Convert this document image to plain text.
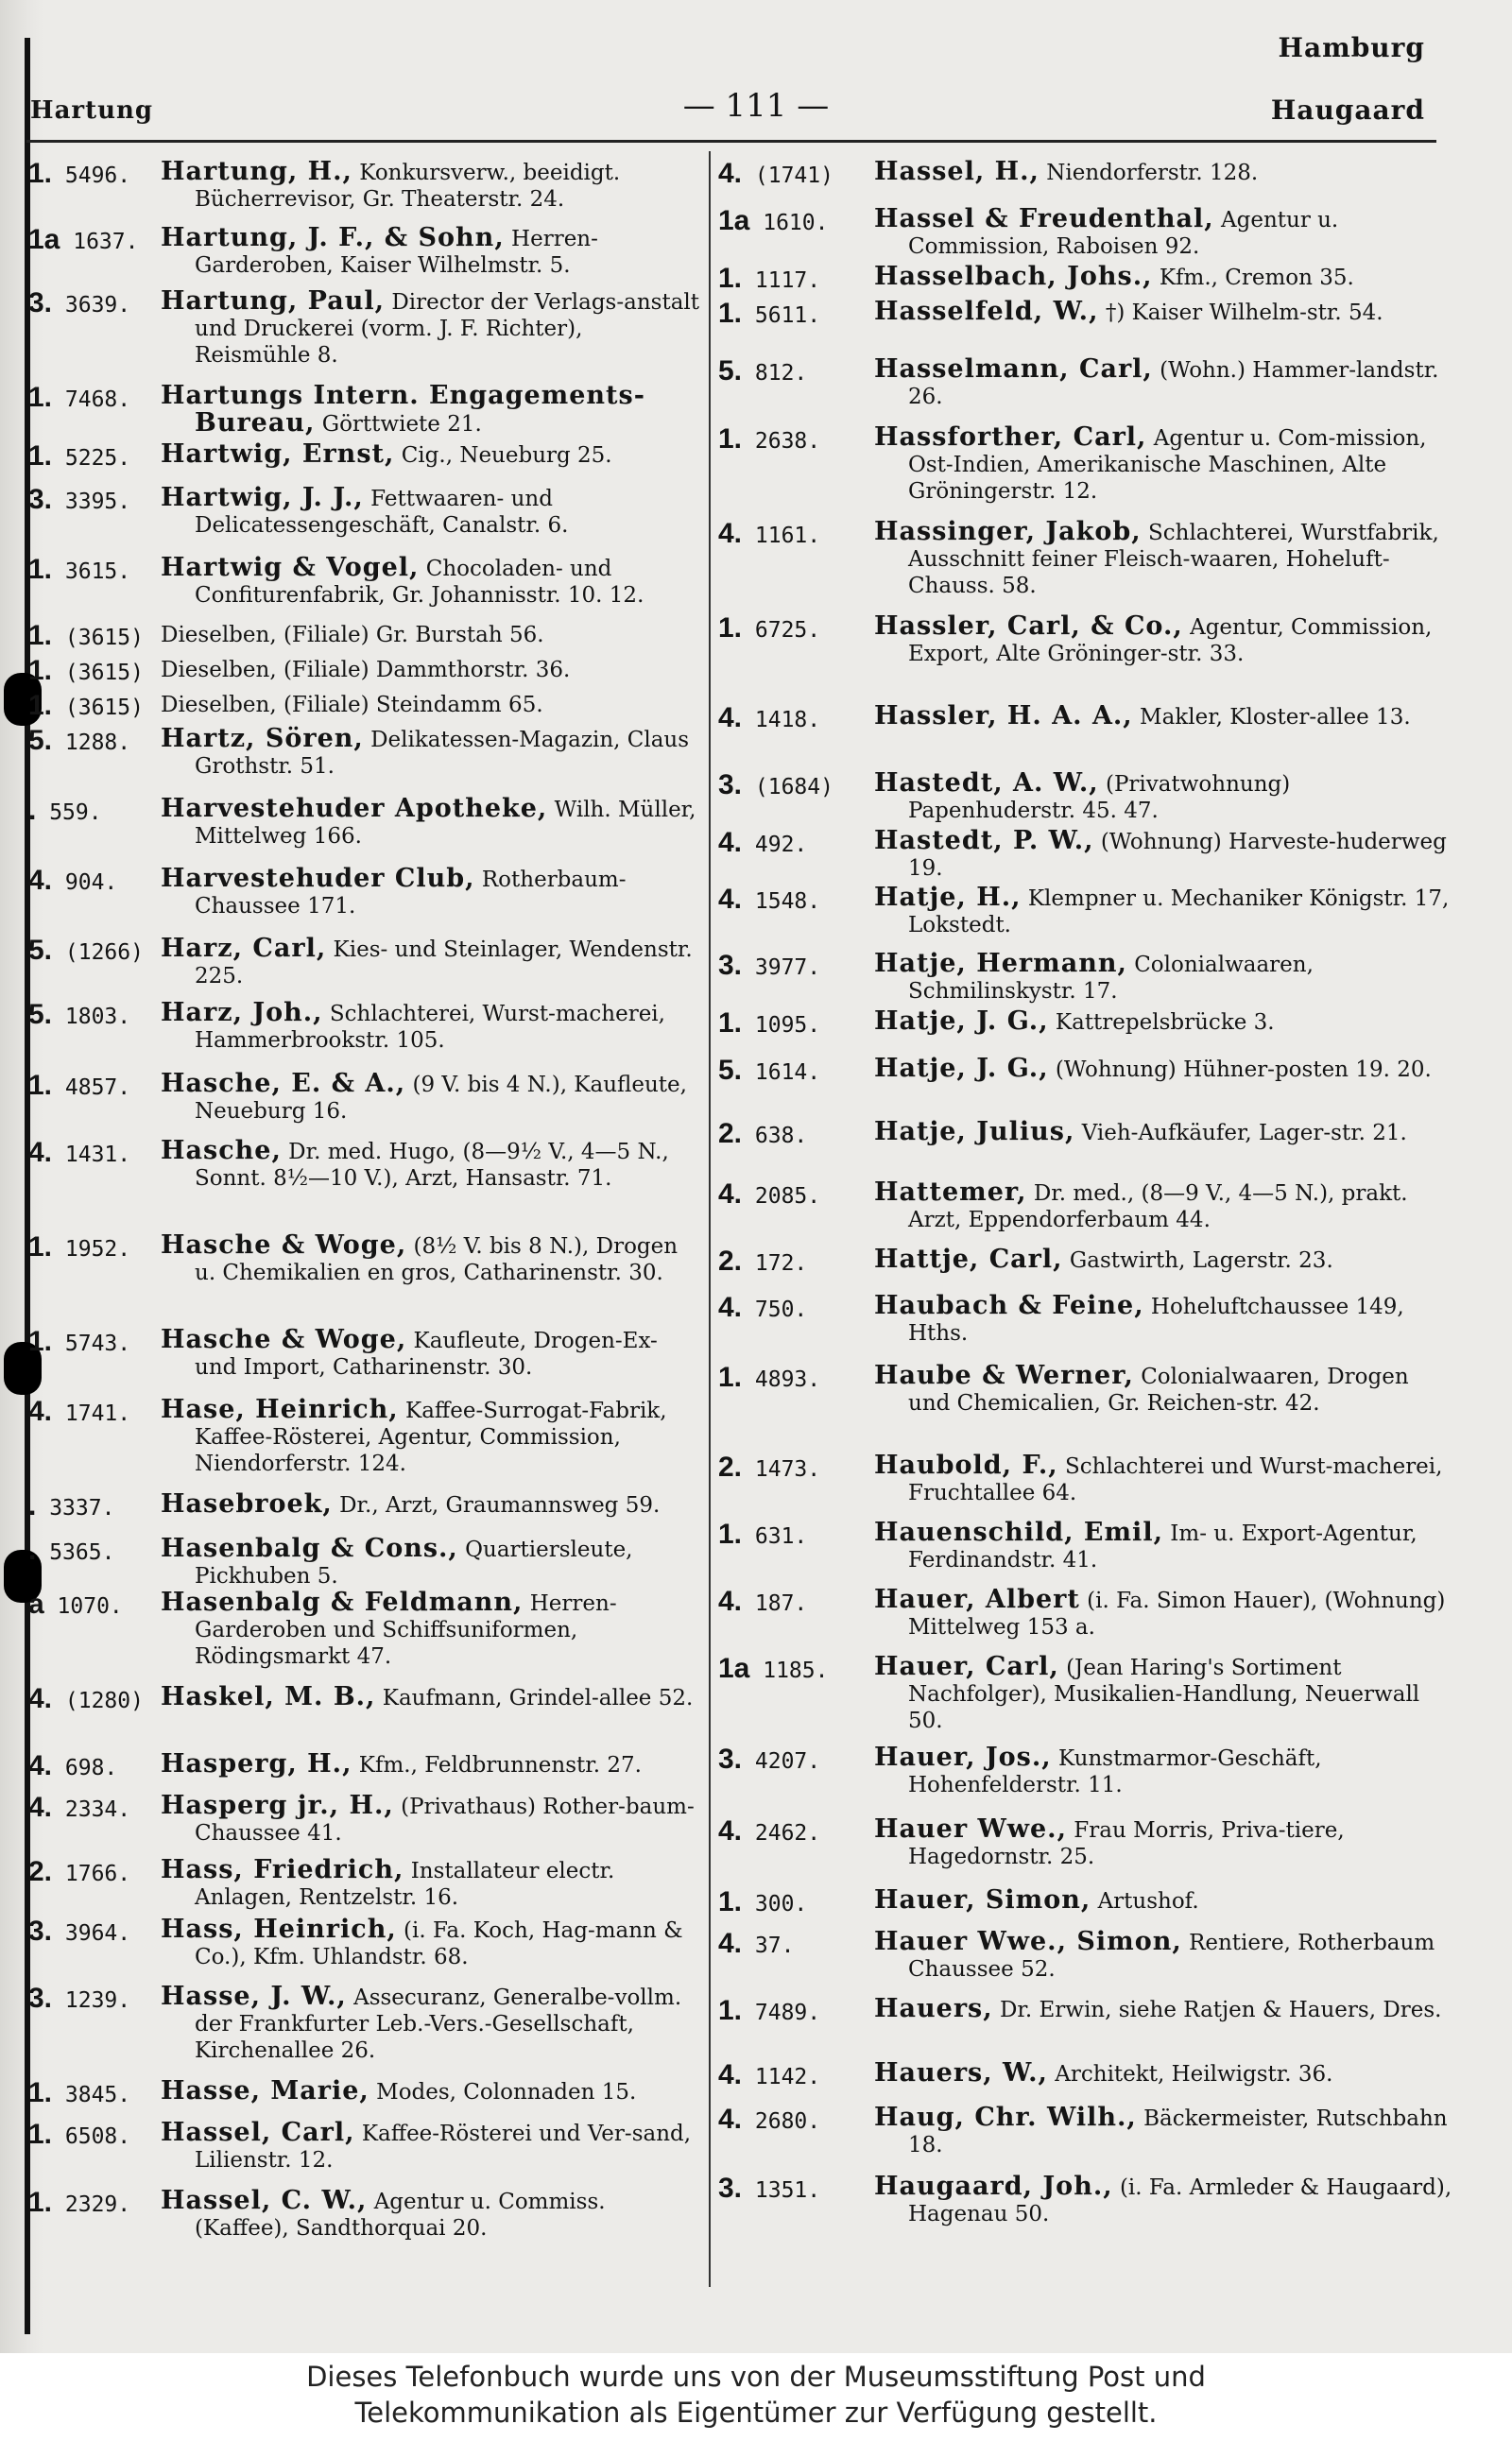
Hamburg
Hartung	— 111 —	Haugaard
1. 5496.	Hartung, H., Konkursverw., beeidigt. Bücherrevisor, Gr. Theaterstr. 24.
1a 1637. Hartung, J. F., & Sohn, Herren-Garderoben, Kaiser Wilhelmstr. 5.
3. 3639.	Hartung, Paul, Director der Verlags-anstalt und Druckerei (vorm. J. F. Richter), Reismühle 8.
1. 7468.	Hartungs Intern. Engagements-Bureau, Görttwiete 21.
1. 5225.	Hartwig, Ernst, Cig., Neueburg 25.
3. 3395.	Hartwig, J. J., Fettwaaren- und Delicatessengeschäft, Canalstr. 6.
1. 3615.	Hartwig & Vogel, Chocoladen- und Confiturenfabrik, Gr. Johannisstr. 10. 12.
1. (3615) Dieselben, (Filiale) Gr. Burstah 56.
1. (3615) Dieselben, (Filiale) Dammthorstr. 36.
1. (3615) Dieselben, (Filiale) Steindamm 65.
5. 1288.	Hartz, Sören, Delikatessen-Magazin, Claus Grothstr. 51.
. 559.	Harvestehuder Apotheke, Wilh. Müller, Mittelweg 166.
4. 904.	Harvestehuder Club, Rotherbaum-Chaussee 171.
5. (1266) Harz, Carl, Kies- und Steinlager, Wendenstr. 225.
5. 1803.	Harz, Joh., Schlachterei, Wurst-macherei, Hammerbrookstr. 105.
1. 4857.	Hasche, E. & A., (9 V. bis 4 N.), Kaufleute, Neueburg 16.
4. 1431.	Hasche, Dr. med. Hugo, (8—9½ V., 4—5 N., Sonnt. 8½—10 V.), Arzt, Hansastr. 71.
1. 1952.	Hasche & Woge, (8½ V. bis 8 N.), Drogen u. Chemikalien en gros, Catharinenstr. 30.
1. 5743.	Hasche & Woge, Kaufleute, Drogen-Ex- und Import, Catharinenstr. 30.
4. 1741.	Hase, Heinrich, Kaffee-Surrogat-Fabrik, Kaffee-Rösterei, Agentur, Commission, Niendorferstr. 124.
. 3337.	Hasebroek, Dr., Arzt, Graumannsweg 59.
. 5365.	Hasenbalg & Cons., Quartiersleute, Pickhuben 5.
a 1070.	Hasenbalg & Feldmann, Herren-Garderoben und Schiffsuniformen, Rödingsmarkt 47.
4. (1280) Haskel, M. B., Kaufmann, Grindel-allee 52.
4. 698.	Hasperg, H., Kfm., Feldbrunnenstr. 27.
4. 2334.	Hasperg jr., H., (Privathaus) Rother-baum-Chaussee 41.
2. 1766.	Hass, Friedrich, Installateur electr. Anlagen, Rentzelstr. 16.
3. 3964.	Hass, Heinrich, (i. Fa. Koch, Hag-mann & Co.), Kfm. Uhlandstr. 68.
3. 1239.	Hasse, J. W., Assecuranz, Generalbe-vollm. der Frankfurter Leb.-Vers.-Gesellschaft, Kirchenallee 26.
1. 3845.	Hasse, Marie, Modes, Colonnaden 15.
1. 6508.	Hassel, Carl, Kaffee-Rösterei und Ver-sand, Lilienstr. 12.
1. 2329.	Hassel, C. W., Agentur u. Commiss. (Kaffee), Sandthorquai 20.
4. (1741)	Hassel, H., Niendorferstr. 128.
1a 1610.	Hassel & Freudenthal, Agentur u. Commission, Raboisen 92.
1. 1117.	Hasselbach, Johs., Kfm., Cremon 35.
1. 5611.	Hasselfeld, W., †) Kaiser Wilhelm-str. 54.
5. 812.	Hasselmann, Carl, (Wohn.) Hammer-landstr. 26.
1. 2638.	Hassforther, Carl, Agentur u. Com-mission, Ost-Indien, Amerikanische Maschinen, Alte Gröningerstr. 12.
4. 1161.	Hassinger, Jakob, Schlachterei, Wurstfabrik, Ausschnitt feiner Fleisch-waaren, Hoheluft-Chauss. 58.
1. 6725.	Hassler, Carl, & Co., Agentur, Commission, Export, Alte Gröninger-str. 33.
4. 1418.	Hassler, H. A. A., Makler, Kloster-allee 13.
3. (1684)	Hastedt, A. W., (Privatwohnung) Papenhuderstr. 45. 47.
4. 492.	Hastedt, P. W., (Wohnung) Harveste-huderweg 19.
4. 1548.	Hatje, H., Klempner u. Mechaniker Königstr. 17, Lokstedt.
3. 3977.	Hatje, Hermann, Colonialwaaren, Schmilinskystr. 17.
1. 1095.	Hatje, J. G., Kattrepelsbrücke 3.
5. 1614.	Hatje, J. G., (Wohnung) Hühner-posten 19. 20.
2. 638.	Hatje, Julius, Vieh-Aufkäufer, Lager-str. 21.
4. 2085.	Hattemer, Dr. med., (8—9 V., 4—5 N.), prakt. Arzt, Eppendorferbaum 44.
2. 172.	Hattje, Carl, Gastwirth, Lagerstr. 23.
4. 750.	Haubach & Feine, Hoheluftchaussee 149, Hths.
1. 4893.	Haube & Werner, Colonialwaaren, Drogen und Chemicalien, Gr. Reichen-str. 42.
2. 1473.	Haubold, F., Schlachterei und Wurst-macherei, Fruchtallee 64.
1. 631.	Hauenschild, Emil, Im- u. Export-Agentur, Ferdinandstr. 41.
4. 187.	Hauer, Albert (i. Fa. Simon Hauer), (Wohnung) Mittelweg 153 a.
1a 1185.	Hauer, Carl, (Jean Haring's Sortiment Nachfolger), Musikalien-Handlung, Neuerwall 50.
3. 4207.	Hauer, Jos., Kunstmarmor-Geschäft, Hohenfelderstr. 11.
4. 2462.	Hauer Wwe., Frau Morris, Priva-tiere, Hagedornstr. 25.
1. 300.	Hauer, Simon, Artushof.
4. 37.	Hauer Wwe., Simon, Rentiere, Rotherbaum Chaussee 52.
1. 7489.	Hauers, Dr. Erwin, siehe Ratjen & Hauers, Dres.
4. 1142.	Hauers, W., Architekt, Heilwigstr. 36.
4. 2680.	Haug, Chr. Wilh., Bäckermeister, Rutschbahn 18.
3. 1351.	Haugaard, Joh., (i. Fa. Armleder & Haugaard), Hagenau 50.
Dieses Telefonbuch wurde uns von der Museumsstiftung Post und
Telekommunikation als Eigentümer zur Verfügung gestellt.
